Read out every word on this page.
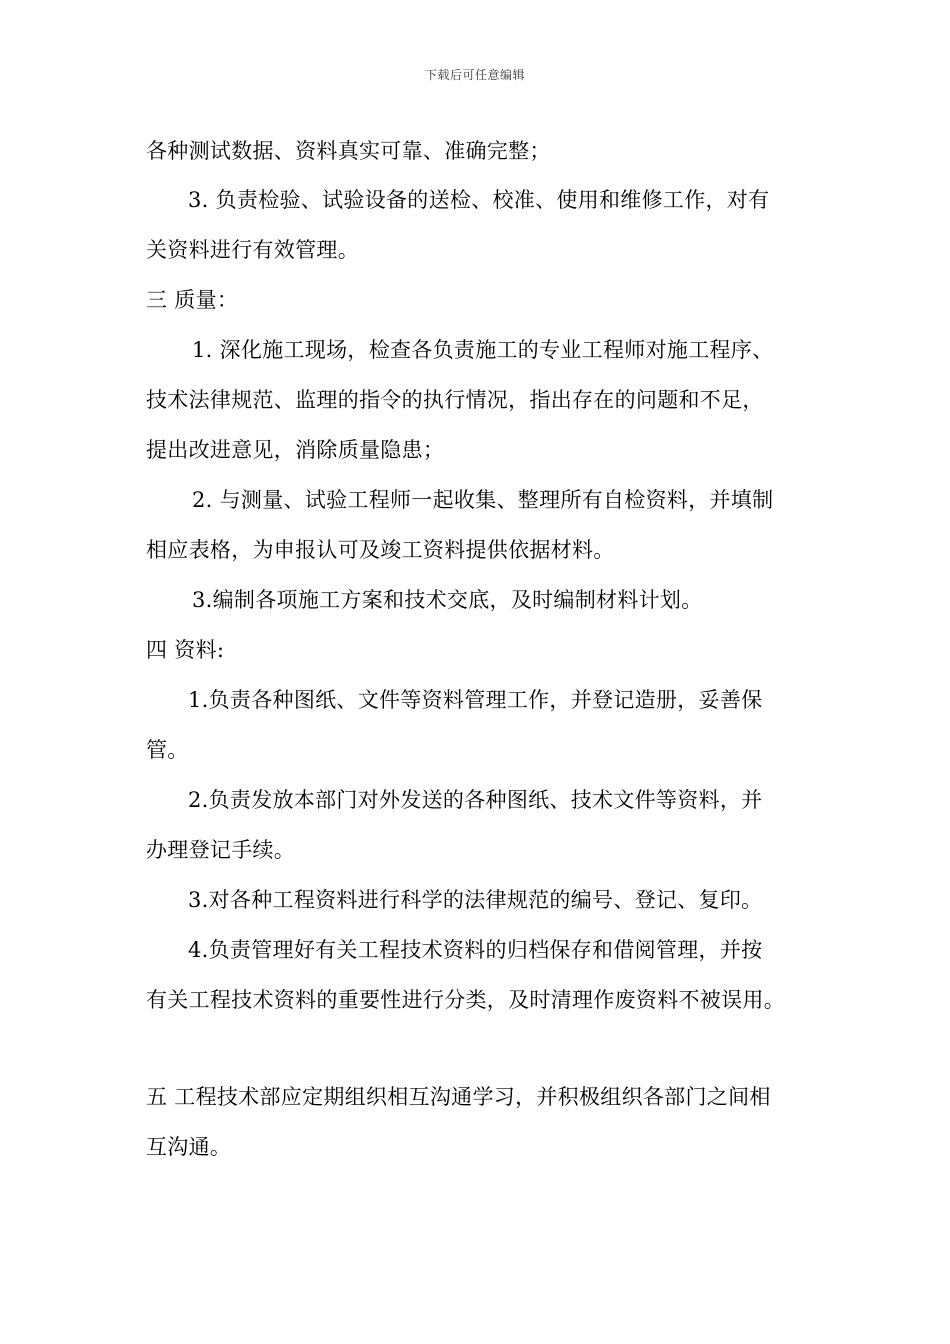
下载后可任意编辑
各种测试数据、资料真实可靠、准确完整；
3. 负责检验、试验设备的送检、校准、使用和维修工作，对有
关资料进行有效管理。
三 质量：
1. 深化施工现场，检查各负责施工的专业工程师对施工程序、
技术法律规范、监理的指令的执行情况，指出存在的问题和不足，
提出改进意见，消除质量隐患；
2. 与测量、试验工程师一起收集、整理所有自检资料，并填制
相应表格，为申报认可及竣工资料提供依据材料。
3.编制各项施工方案和技术交底，及时编制材料计划。
四 资料:
1.负责各种图纸、文件等资料管理工作，并登记造册，妥善保
管。
2.负责发放本部门对外发送的各种图纸、技术文件等资料，并
办理登记手续。
3.对各种工程资料进行科学的法律规范的编号、登记、复印。
4.负责管理好有关工程技术资料的归档保存和借阅管理，并按
有关工程技术资料的重要性进行分类，及时清理作废资料不被误用。
五 工程技术部应定期组织相互沟通学习，并积极组织各部门之间相
互沟通。
